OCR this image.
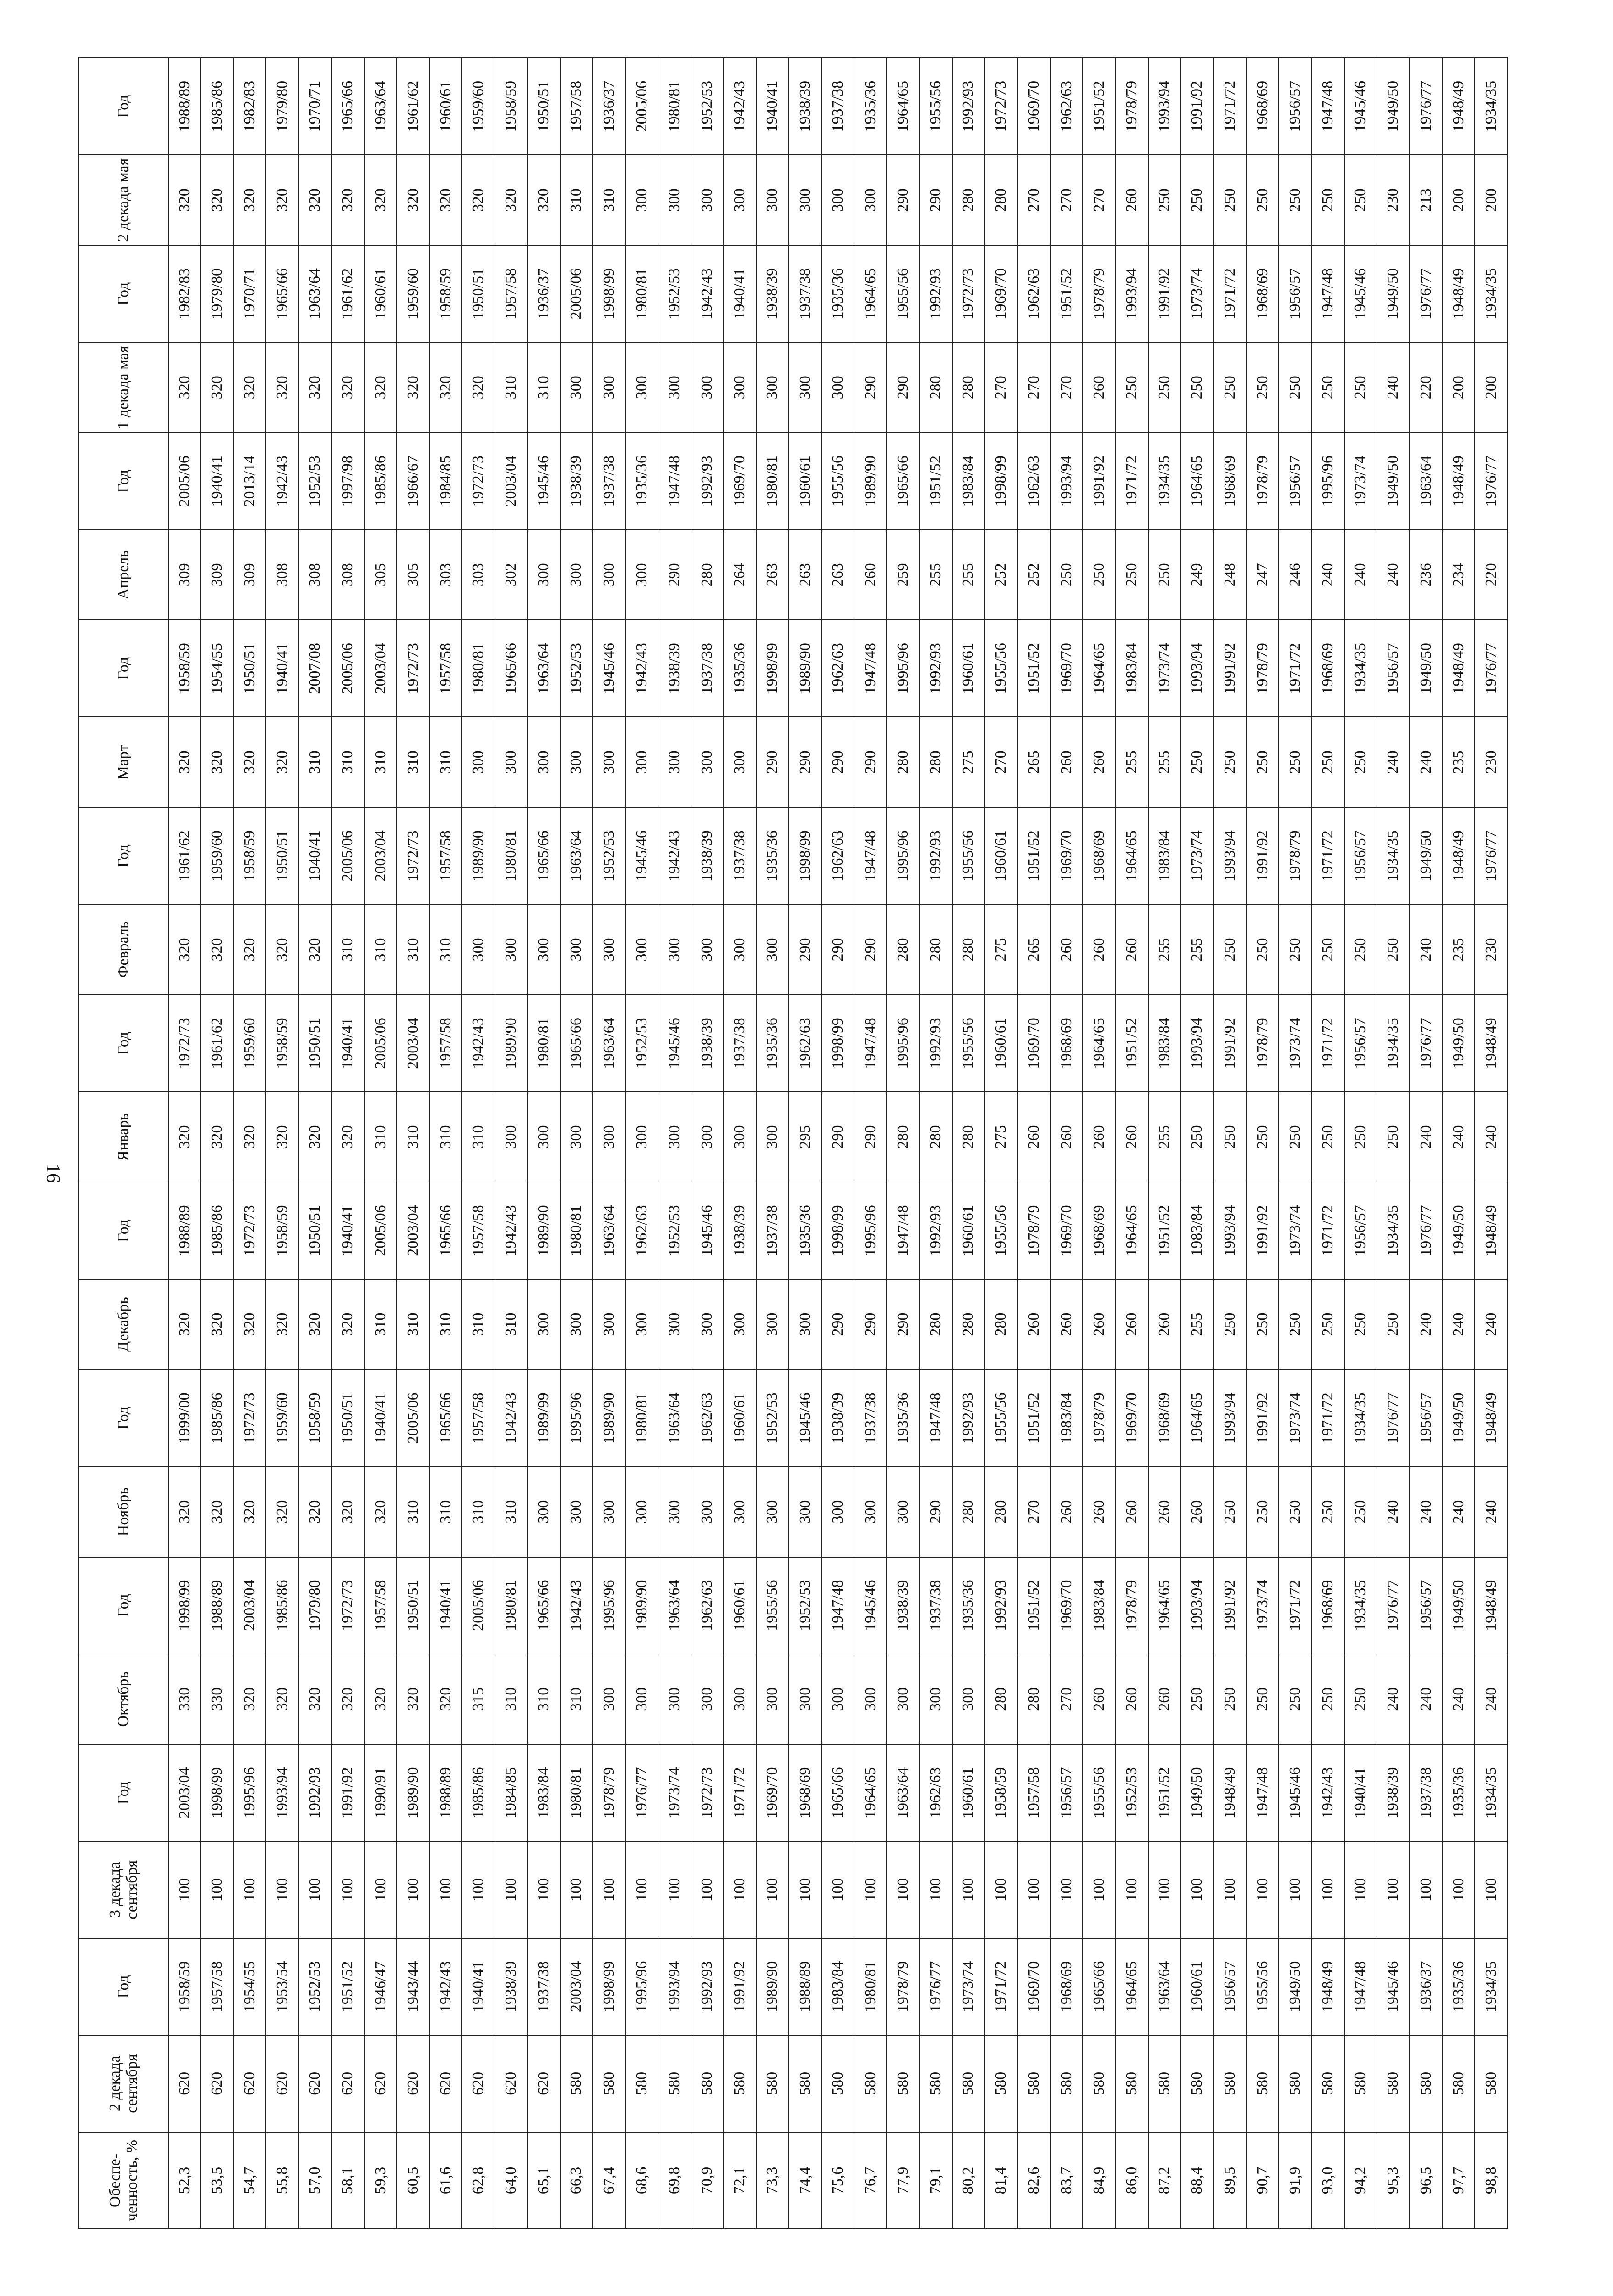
16
Обеспе-ченность, %	2 декада сентября	Год	3 декада сентября	Год	Октябрь	Год	Ноябрь	Год	Декабрь	Год	Январь	Год	Февраль	Год	Март	Год	Апрель	Год	1 декада мая	Год	2 декада мая	Год
52,3	620	1958/59	100	2003/04	330	1998/99	320	1999/00	320	1988/89	320	1972/73	320	1961/62	320	1958/59	309	2005/06	320	1982/83	320	1988/89
53,5	620	1957/58	100	1998/99	330	1988/89	320	1985/86	320	1985/86	320	1961/62	320	1959/60	320	1954/55	309	1940/41	320	1979/80	320	1985/86
54,7	620	1954/55	100	1995/96	320	2003/04	320	1972/73	320	1972/73	320	1959/60	320	1958/59	320	1950/51	309	2013/14	320	1970/71	320	1982/83
55,8	620	1953/54	100	1993/94	320	1985/86	320	1959/60	320	1958/59	320	1958/59	320	1950/51	320	1940/41	308	1942/43	320	1965/66	320	1979/80
57,0	620	1952/53	100	1992/93	320	1979/80	320	1958/59	320	1950/51	320	1950/51	320	1940/41	310	2007/08	308	1952/53	320	1963/64	320	1970/71
58,1	620	1951/52	100	1991/92	320	1972/73	320	1950/51	320	1940/41	320	1940/41	310	2005/06	310	2005/06	308	1997/98	320	1961/62	320	1965/66
59,3	620	1946/47	100	1990/91	320	1957/58	320	1940/41	310	2005/06	310	2005/06	310	2003/04	310	2003/04	305	1985/86	320	1960/61	320	1963/64
60,5	620	1943/44	100	1989/90	320	1950/51	310	2005/06	310	2003/04	310	2003/04	310	1972/73	310	1972/73	305	1966/67	320	1959/60	320	1961/62
61,6	620	1942/43	100	1988/89	320	1940/41	310	1965/66	310	1965/66	310	1957/58	310	1957/58	310	1957/58	303	1984/85	320	1958/59	320	1960/61
62,8	620	1940/41	100	1985/86	315	2005/06	310	1957/58	310	1957/58	310	1942/43	300	1989/90	300	1980/81	303	1972/73	320	1950/51	320	1959/60
64,0	620	1938/39	100	1984/85	310	1980/81	310	1942/43	310	1942/43	300	1989/90	300	1980/81	300	1965/66	302	2003/04	310	1957/58	320	1958/59
65,1	620	1937/38	100	1983/84	310	1965/66	300	1989/99	300	1989/90	300	1980/81	300	1965/66	300	1963/64	300	1945/46	310	1936/37	320	1950/51
66,3	580	2003/04	100	1980/81	310	1942/43	300	1995/96	300	1980/81	300	1965/66	300	1963/64	300	1952/53	300	1938/39	300	2005/06	310	1957/58
67,4	580	1998/99	100	1978/79	300	1995/96	300	1989/90	300	1963/64	300	1963/64	300	1952/53	300	1945/46	300	1937/38	300	1998/99	310	1936/37
68,6	580	1995/96	100	1976/77	300	1989/90	300	1980/81	300	1962/63	300	1952/53	300	1945/46	300	1942/43	300	1935/36	300	1980/81	300	2005/06
69,8	580	1993/94	100	1973/74	300	1963/64	300	1963/64	300	1952/53	300	1945/46	300	1942/43	300	1938/39	290	1947/48	300	1952/53	300	1980/81
70,9	580	1992/93	100	1972/73	300	1962/63	300	1962/63	300	1945/46	300	1938/39	300	1938/39	300	1937/38	280	1992/93	300	1942/43	300	1952/53
72,1	580	1991/92	100	1971/72	300	1960/61	300	1960/61	300	1938/39	300	1937/38	300	1937/38	300	1935/36	264	1969/70	300	1940/41	300	1942/43
73,3	580	1989/90	100	1969/70	300	1955/56	300	1952/53	300	1937/38	300	1935/36	300	1935/36	290	1998/99	263	1980/81	300	1938/39	300	1940/41
74,4	580	1988/89	100	1968/69	300	1952/53	300	1945/46	300	1935/36	295	1962/63	290	1998/99	290	1989/90	263	1960/61	300	1937/38	300	1938/39
75,6	580	1983/84	100	1965/66	300	1947/48	300	1938/39	290	1998/99	290	1998/99	290	1962/63	290	1962/63	263	1955/56	300	1935/36	300	1937/38
76,7	580	1980/81	100	1964/65	300	1945/46	300	1937/38	290	1995/96	290	1947/48	290	1947/48	290	1947/48	260	1989/90	290	1964/65	300	1935/36
77,9	580	1978/79	100	1963/64	300	1938/39	300	1935/36	290	1947/48	280	1995/96	280	1995/96	280	1995/96	259	1965/66	290	1955/56	290	1964/65
79,1	580	1976/77	100	1962/63	300	1937/38	290	1947/48	280	1992/93	280	1992/93	280	1992/93	280	1992/93	255	1951/52	280	1992/93	290	1955/56
80,2	580	1973/74	100	1960/61	300	1935/36	280	1992/93	280	1960/61	280	1955/56	280	1955/56	275	1960/61	255	1983/84	280	1972/73	280	1992/93
81,4	580	1971/72	100	1958/59	280	1992/93	280	1955/56	280	1955/56	275	1960/61	275	1960/61	270	1955/56	252	1998/99	270	1969/70	280	1972/73
82,6	580	1969/70	100	1957/58	280	1951/52	270	1951/52	260	1978/79	260	1969/70	265	1951/52	265	1951/52	252	1962/63	270	1962/63	270	1969/70
83,7	580	1968/69	100	1956/57	270	1969/70	260	1983/84	260	1969/70	260	1968/69	260	1969/70	260	1969/70	250	1993/94	270	1951/52	270	1962/63
84,9	580	1965/66	100	1955/56	260	1983/84	260	1978/79	260	1968/69	260	1964/65	260	1968/69	260	1964/65	250	1991/92	260	1978/79	270	1951/52
86,0	580	1964/65	100	1952/53	260	1978/79	260	1969/70	260	1964/65	260	1951/52	260	1964/65	255	1983/84	250	1971/72	250	1993/94	260	1978/79
87,2	580	1963/64	100	1951/52	260	1964/65	260	1968/69	260	1951/52	255	1983/84	255	1983/84	255	1973/74	250	1934/35	250	1991/92	250	1993/94
88,4	580	1960/61	100	1949/50	250	1993/94	260	1964/65	255	1983/84	250	1993/94	255	1973/74	250	1993/94	249	1964/65	250	1973/74	250	1991/92
89,5	580	1956/57	100	1948/49	250	1991/92	250	1993/94	250	1993/94	250	1991/92	250	1993/94	250	1991/92	248	1968/69	250	1971/72	250	1971/72
90,7	580	1955/56	100	1947/48	250	1973/74	250	1991/92	250	1991/92	250	1978/79	250	1991/92	250	1978/79	247	1978/79	250	1968/69	250	1968/69
91,9	580	1949/50	100	1945/46	250	1971/72	250	1973/74	250	1973/74	250	1973/74	250	1978/79	250	1971/72	246	1956/57	250	1956/57	250	1956/57
93,0	580	1948/49	100	1942/43	250	1968/69	250	1971/72	250	1971/72	250	1971/72	250	1971/72	250	1968/69	240	1995/96	250	1947/48	250	1947/48
94,2	580	1947/48	100	1940/41	250	1934/35	250	1934/35	250	1956/57	250	1956/57	250	1956/57	250	1934/35	240	1973/74	250	1945/46	250	1945/46
95,3	580	1945/46	100	1938/39	240	1976/77	240	1976/77	250	1934/35	250	1934/35	250	1934/35	240	1956/57	240	1949/50	240	1949/50	230	1949/50
96,5	580	1936/37	100	1937/38	240	1956/57	240	1956/57	240	1976/77	240	1976/77	240	1949/50	240	1949/50	236	1963/64	220	1976/77	213	1976/77
97,7	580	1935/36	100	1935/36	240	1949/50	240	1949/50	240	1949/50	240	1949/50	235	1948/49	235	1948/49	234	1948/49	200	1948/49	200	1948/49
98,8	580	1934/35	100	1934/35	240	1948/49	240	1948/49	240	1948/49	240	1948/49	230	1976/77	230	1976/77	220	1976/77	200	1934/35	200	1934/35
